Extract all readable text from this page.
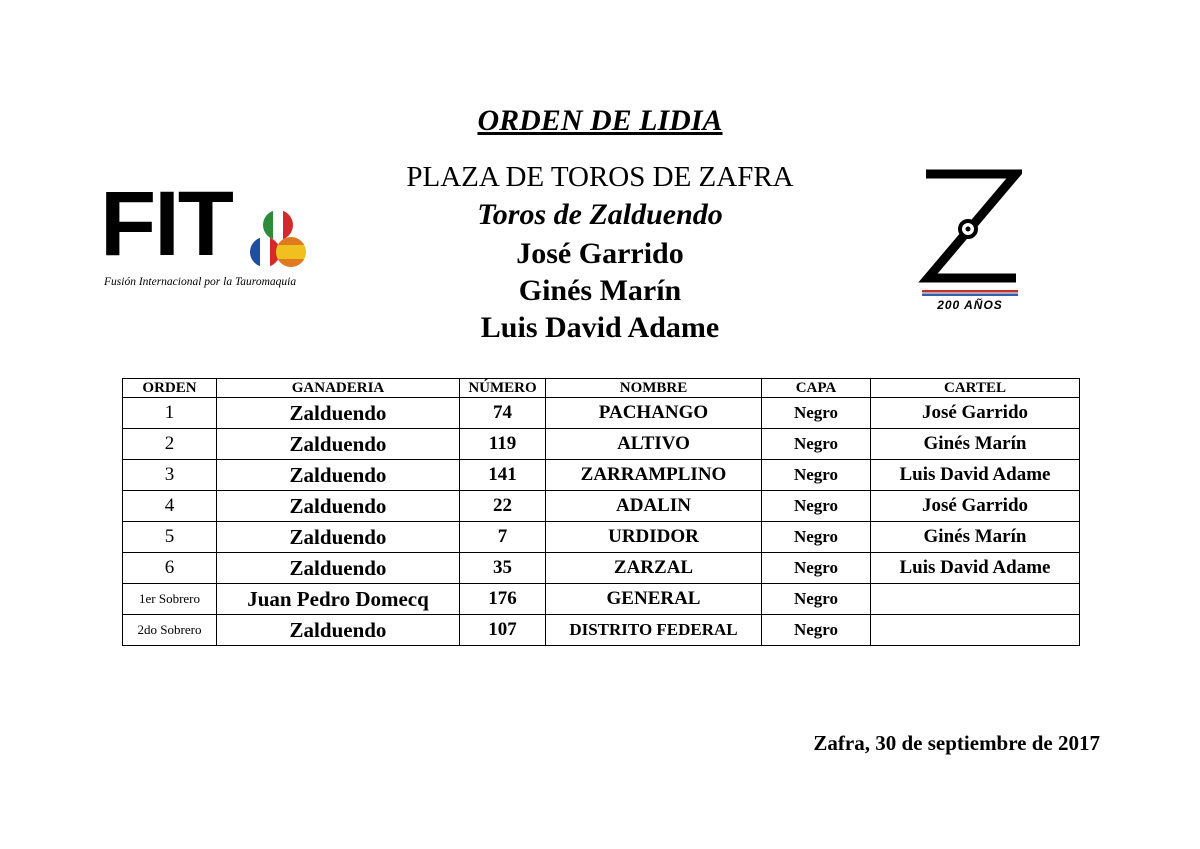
FIT
Fusión Internacional por la Tauromaquia
ORDEN DE LIDIA
PLAZA DE TOROS DE ZAFRA
Toros de Zalduendo
José Garrido
Ginés Marín
Luis David Adame
200 AÑOS
ORDEN	GANADERIA	NÚMERO	NOMBRE	CAPA	CARTEL
1	Zalduendo	74	PACHANGO	Negro	José Garrido
2	Zalduendo	119	ALTIVO	Negro	Ginés Marín
3	Zalduendo	141	ZARRAMPLINO	Negro	Luis David Adame
4	Zalduendo	22	ADALIN	Negro	José Garrido
5	Zalduendo	7	URDIDOR	Negro	Ginés Marín
6	Zalduendo	35	ZARZAL	Negro	Luis David Adame
1er Sobrero	Juan Pedro Domecq	176	GENERAL	Negro	
2do Sobrero	Zalduendo	107	DISTRITO FEDERAL	Negro	
Zafra, 30 de septiembre de 2017
